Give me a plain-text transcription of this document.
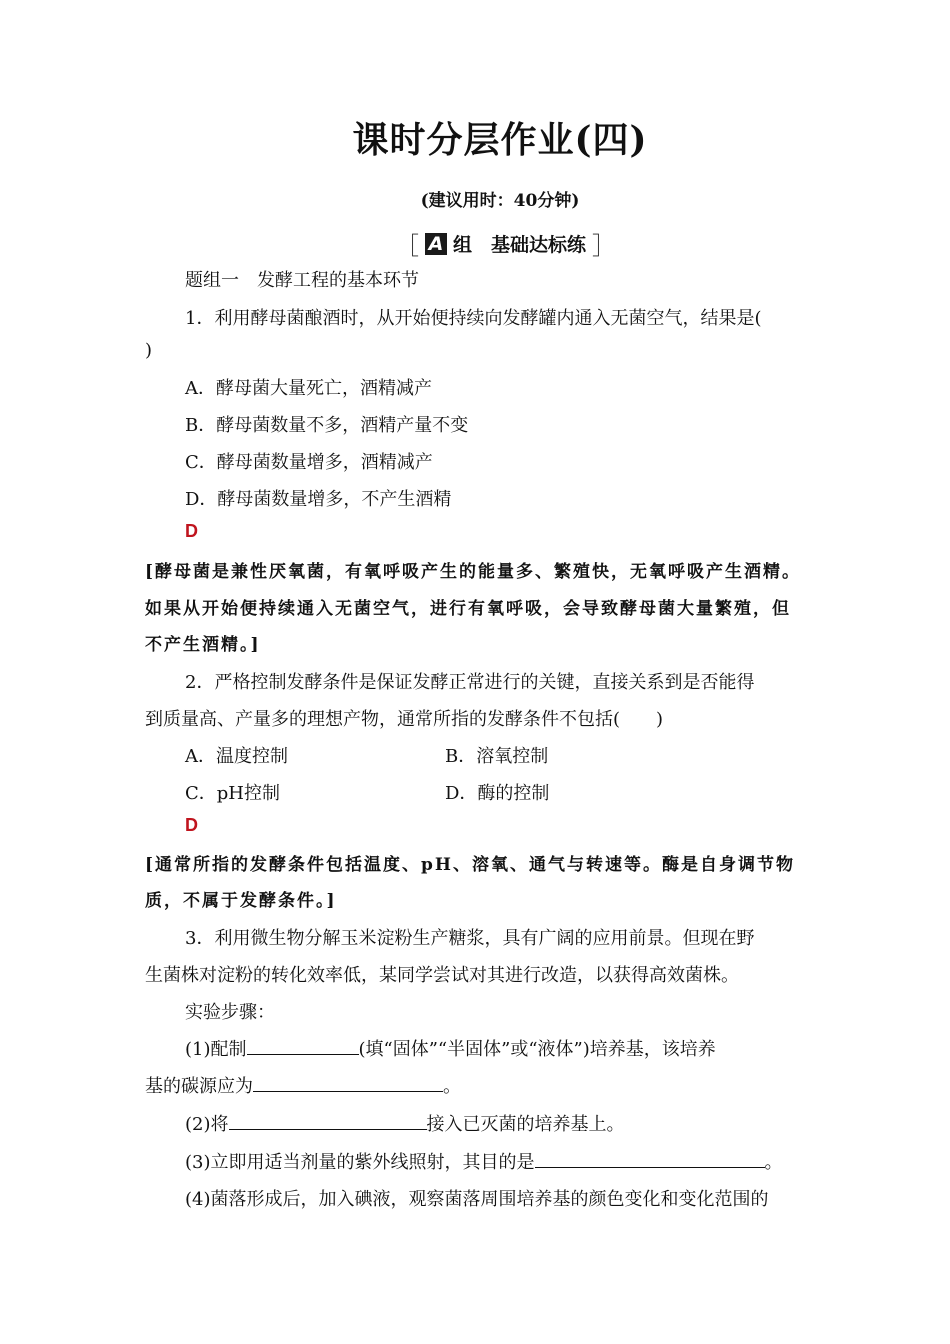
课时分层作业(四)
(建议用时：40分钟)
［ A 组　基础达标练 ］
题组一　发酵工程的基本环节
1．利用酵母菌酿酒时，从开始便持续向发酵罐内通入无菌空气，结果是(
)
A．酵母菌大量死亡，酒精减产
B．酵母菌数量不多，酒精产量不变
C．酵母菌数量增多，酒精减产
D．酵母菌数量增多，不产生酒精
D
[酵母菌是兼性厌氧菌，有氧呼吸产生的能量多、繁殖快，无氧呼吸产生酒精。
如果从开始便持续通入无菌空气，进行有氧呼吸，会导致酵母菌大量繁殖，但
不产生酒精。]
2．严格控制发酵条件是保证发酵正常进行的关键，直接关系到是否能得
到质量高、产量多的理想产物，通常所指的发酵条件不包括(　　)
A．温度控制	B．溶氧控制
C．pH控制	D．酶的控制
D
[通常所指的发酵条件包括温度、pH、溶氧、通气与转速等。酶是自身调节物
质，不属于发酵条件。]
3．利用微生物分解玉米淀粉生产糖浆，具有广阔的应用前景。但现在野
生菌株对淀粉的转化效率低，某同学尝试对其进行改造，以获得高效菌株。
实验步骤：
(1)配制	(填“固体”“半固体”或“液体”)培养基，该培养
基的碳源应为	。
(2)将	接入已灭菌的培养基上。
(3)立即用适当剂量的紫外线照射，其目的是	。
(4)菌落形成后，加入碘液，观察菌落周围培养基的颜色变化和变化范围的
